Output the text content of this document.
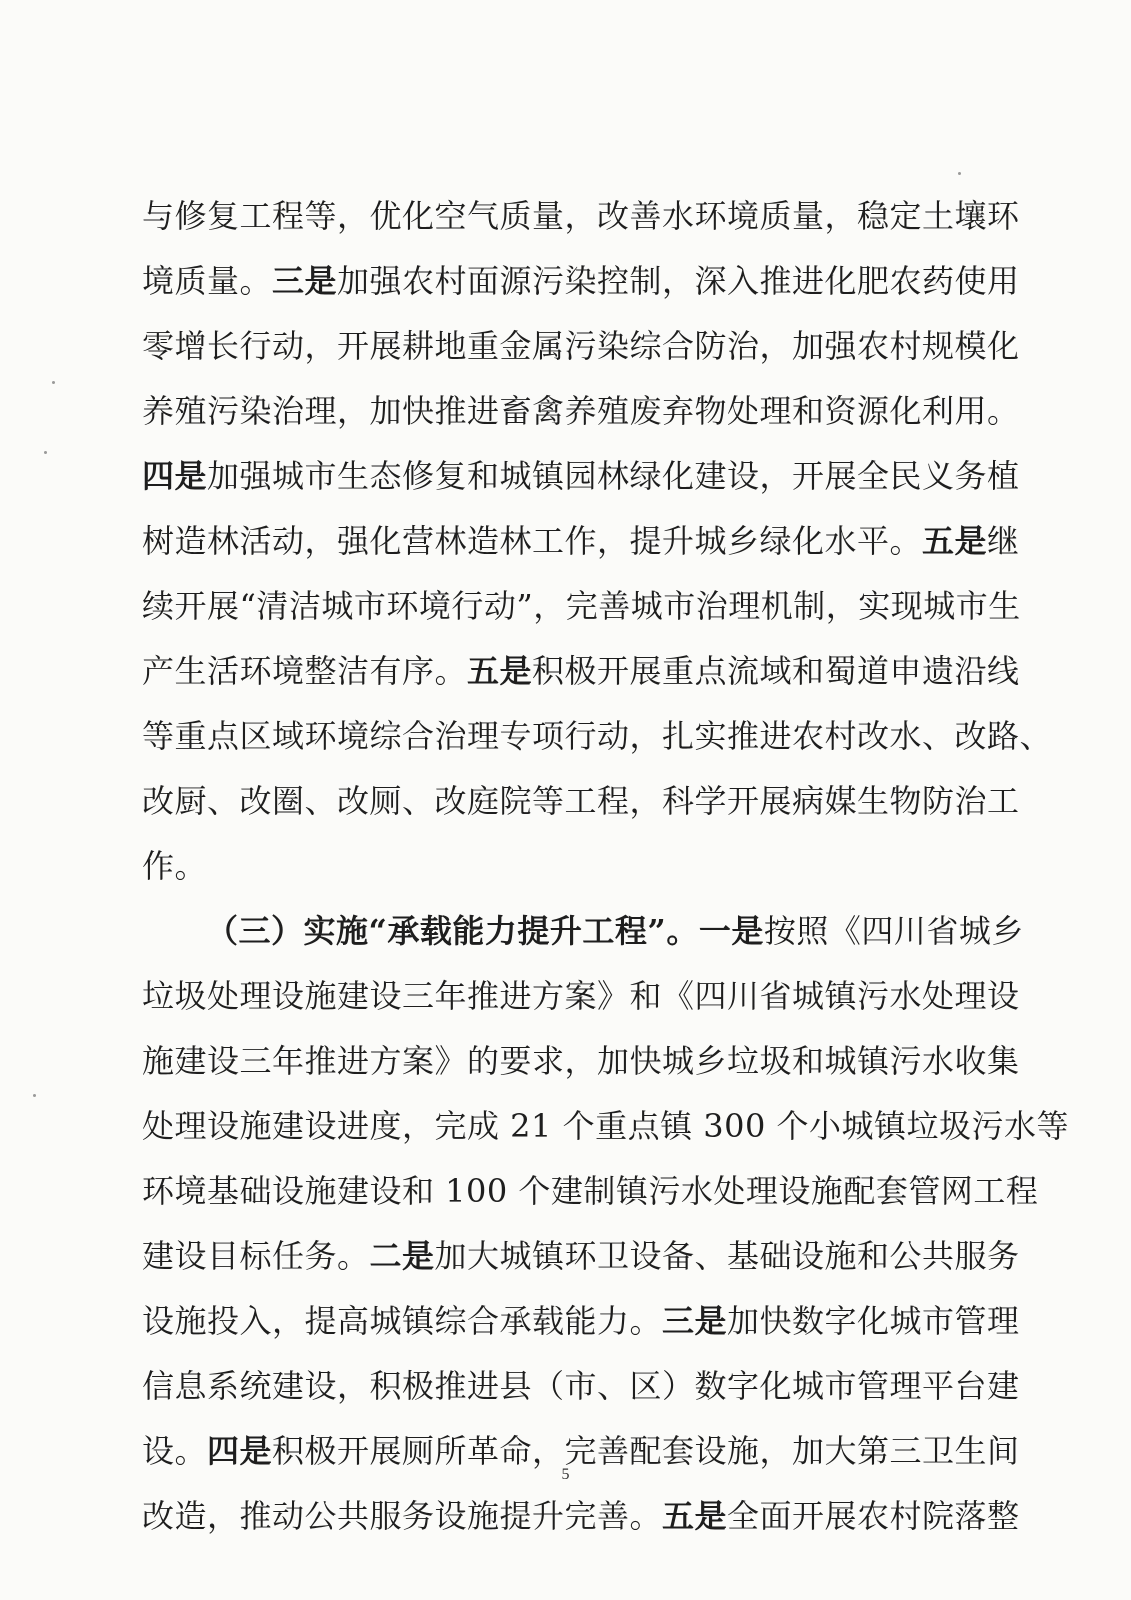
与修复工程等，优化空气质量，改善水环境质量，稳定土壤环
境质量。三是加强农村面源污染控制，深入推进化肥农药使用
零增长行动，开展耕地重金属污染综合防治，加强农村规模化
养殖污染治理，加快推进畜禽养殖废弃物处理和资源化利用。
四是加强城市生态修复和城镇园林绿化建设，开展全民义务植
树造林活动，强化营林造林工作，提升城乡绿化水平。五是继
续开展“清洁城市环境行动”，完善城市治理机制，实现城市生
产生活环境整洁有序。五是积极开展重点流域和蜀道申遗沿线
等重点区域环境综合治理专项行动，扎实推进农村改水、改路、
改厨、改圈、改厕、改庭院等工程，科学开展病媒生物防治工
作。
（三）实施“承载能力提升工程”。一是按照《四川省城乡
垃圾处理设施建设三年推进方案》和《四川省城镇污水处理设
施建设三年推进方案》的要求，加快城乡垃圾和城镇污水收集
处理设施建设进度，完成 21 个重点镇 300 个小城镇垃圾污水等
环境基础设施建设和 100 个建制镇污水处理设施配套管网工程
建设目标任务。二是加大城镇环卫设备、基础设施和公共服务
设施投入，提高城镇综合承载能力。三是加快数字化城市管理
信息系统建设，积极推进县（市、区）数字化城市管理平台建
设。四是积极开展厕所革命，完善配套设施，加大第三卫生间
改造，推动公共服务设施提升完善。五是全面开展农村院落整
5
